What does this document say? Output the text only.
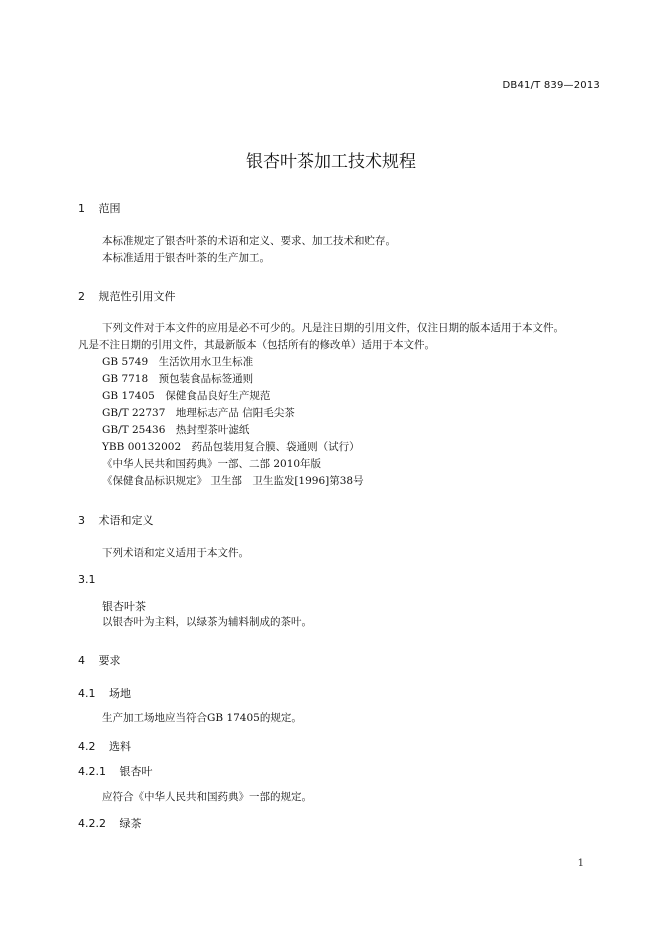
DB41/T 839—2013
银杏叶茶加工技术规程
1 范围
本标准规定了银杏叶茶的术语和定义、要求、加工技术和贮存。
本标准适用于银杏叶茶的生产加工。
2 规范性引用文件
下列文件对于本文件的应用是必不可少的。凡是注日期的引用文件，仅注日期的版本适用于本文件。
凡是不注日期的引用文件，其最新版本（包括所有的修改单）适用于本文件。
GB 5749　生活饮用水卫生标准
GB 7718　预包装食品标签通则
GB 17405　保健食品良好生产规范
GB/T 22737　地理标志产品 信阳毛尖茶
GB/T 25436　热封型茶叶滤纸
YBB 00132002　药品包装用复合膜、袋通则（试行）
《中华人民共和国药典》一部、二部 2010年版
《保健食品标识规定》 卫生部　卫生监发[1996]第38号
3 术语和定义
下列术语和定义适用于本文件。
3.1
银杏叶茶
以银杏叶为主料，以绿茶为辅料制成的茶叶。
4 要求
4.1 场地
生产加工场地应当符合GB 17405的规定。
4.2 选料
4.2.1 银杏叶
应符合《中华人民共和国药典》一部的规定。
4.2.2 绿茶
1
